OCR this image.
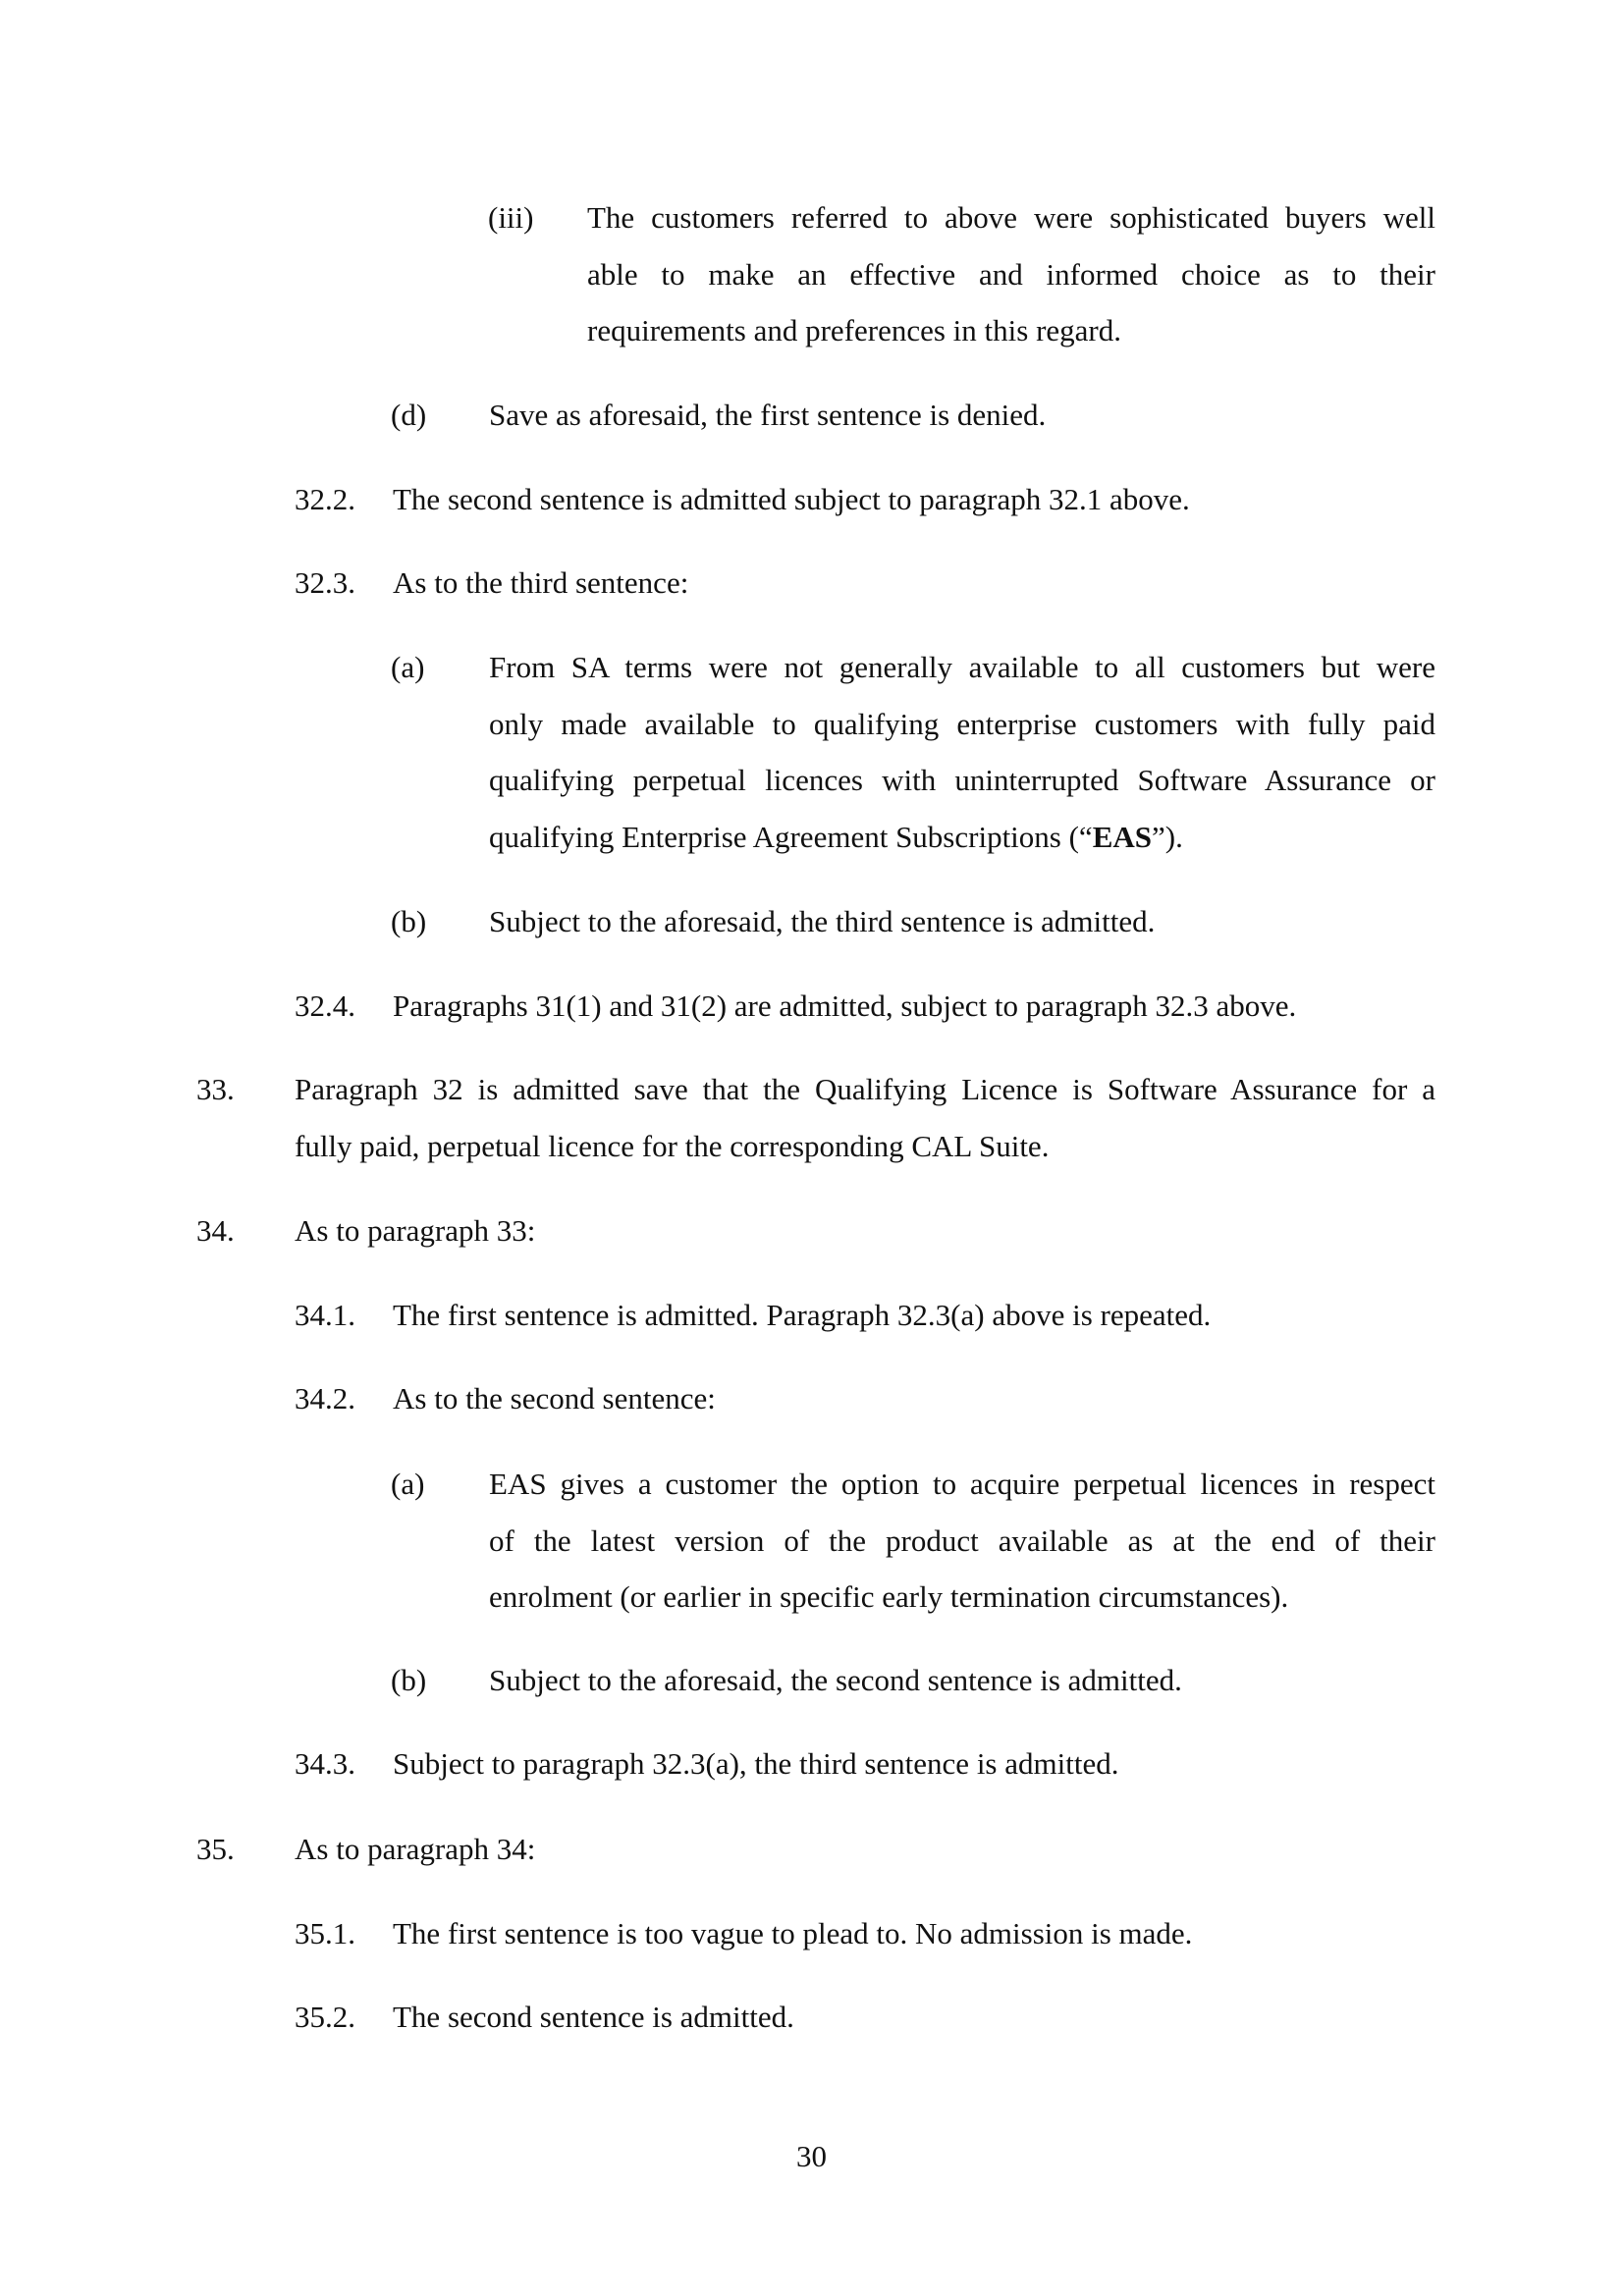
(iii) The customers referred to above were sophisticated buyers well
able to make an effective and informed choice as to their
requirements and preferences in this regard.
(d) Save as aforesaid, the first sentence is denied.
32.2. The second sentence is admitted subject to paragraph 32.1 above.
32.3. As to the third sentence:
(a) From SA terms were not generally available to all customers but were
only made available to qualifying enterprise customers with fully paid
qualifying perpetual licences with uninterrupted Software Assurance or
qualifying Enterprise Agreement Subscriptions (“EAS”).
(b) Subject to the aforesaid, the third sentence is admitted.
32.4. Paragraphs 31(1) and 31(2) are admitted, subject to paragraph 32.3 above.
33. Paragraph 32 is admitted save that the Qualifying Licence is Software Assurance for a
fully paid, perpetual licence for the corresponding CAL Suite.
34. As to paragraph 33:
34.1. The first sentence is admitted. Paragraph 32.3(a) above is repeated.
34.2. As to the second sentence:
(a) EAS gives a customer the option to acquire perpetual licences in respect
of the latest version of the product available as at the end of their
enrolment (or earlier in specific early termination circumstances).
(b) Subject to the aforesaid, the second sentence is admitted.
34.3. Subject to paragraph 32.3(a), the third sentence is admitted.
35. As to paragraph 34:
35.1. The first sentence is too vague to plead to. No admission is made.
35.2. The second sentence is admitted.
30
